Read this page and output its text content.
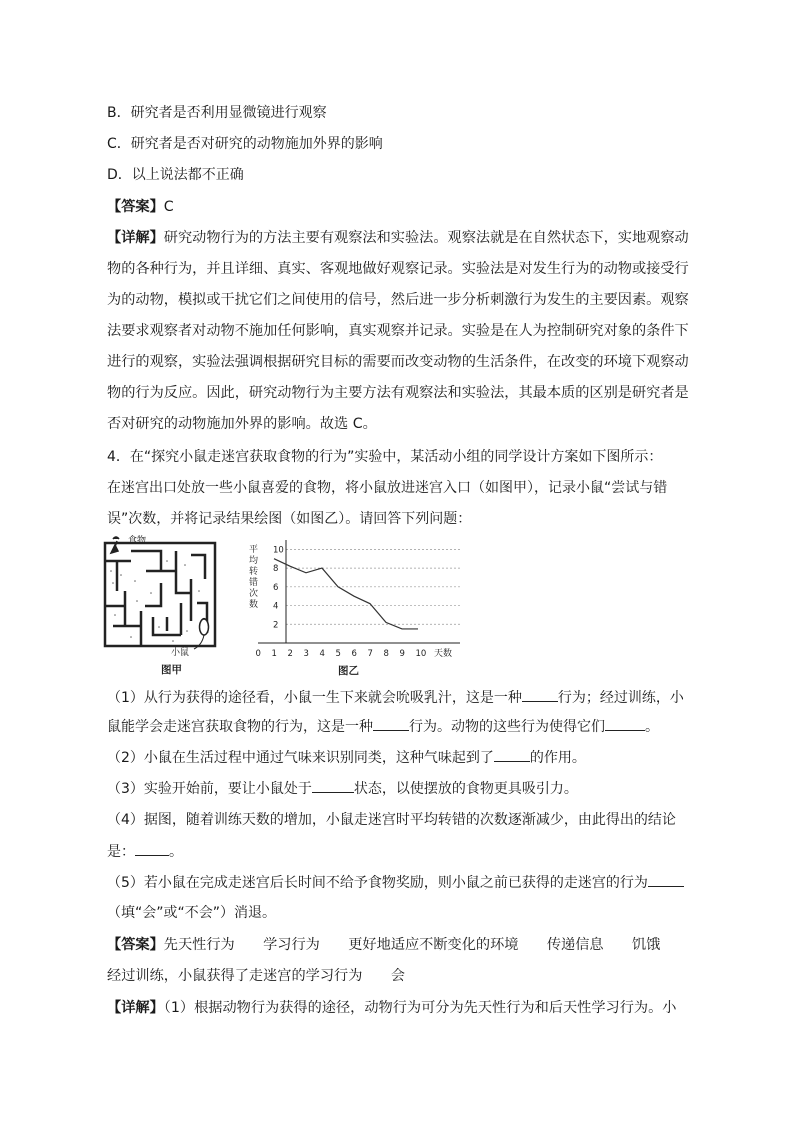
B．研究者是否利用显微镜进行观察
C．研究者是否对研究的动物施加外界的影响
D．以上说法都不正确
【答案】C
【详解】研究动物行为的方法主要有观察法和实验法。观察法就是在自然状态下，实地观察动
物的各种行为，并且详细、真实、客观地做好观察记录。实验法是对发生行为的动物或接受行
为的动物，模拟或干扰它们之间使用的信号，然后进一步分析刺激行为发生的主要因素。观察
法要求观察者对动物不施加任何影响，真实观察并记录。实验是在人为控制研究对象的条件下
进行的观察，实验法强调根据研究目标的需要而改变动物的生活条件，在改变的环境下观察动
物的行为反应。因此，研究动物行为主要方法有观察法和实验法，其最本质的区别是研究者是
否对研究的动物施加外界的影响。故选 C。
4．在“探究小鼠走迷宫获取食物的行为”实验中，某活动小组的同学设计方案如下图所示：
在迷宫出口处放一些小鼠喜爱的食物，将小鼠放进迷宫入口（如图甲），记录小鼠“尝试与错
误”次数，并将记录结果绘图（如图乙）。请回答下列问题：
食物
小鼠
图甲
平
均
转
错
次
数
2
4
6
8
10
0 1 2 3 4 5 6 7 8 9 10 天数
图乙
（1）从行为获得的途径看，小鼠一生下来就会吮吸乳汁，这是一种	行为；经过训练，小
鼠能学会走迷宫获取食物的行为，这是一种	行为。动物的这些行为使得它们	。
（2）小鼠在生活过程中通过气味来识别同类，这种气味起到了	的作用。
（3）实验开始前，要让小鼠处于	状态，以使摆放的食物更具吸引力。
（4）据图，随着训练天数的增加，小鼠走迷宫时平均转错的次数逐渐减少，由此得出的结论
是： 。
（5）若小鼠在完成走迷宫后长时间不给予食物奖励，则小鼠之前已获得的走迷宫的行为
（填“会”或“不会”）消退。
【答案】先天性行为　　学习行为　　更好地适应不断变化的环境　　传递信息　　饥饿
经过训练，小鼠获得了走迷宫的学习行为　　会
【详解】（1）根据动物行为获得的途径，动物行为可分为先天性行为和后天性学习行为。小
